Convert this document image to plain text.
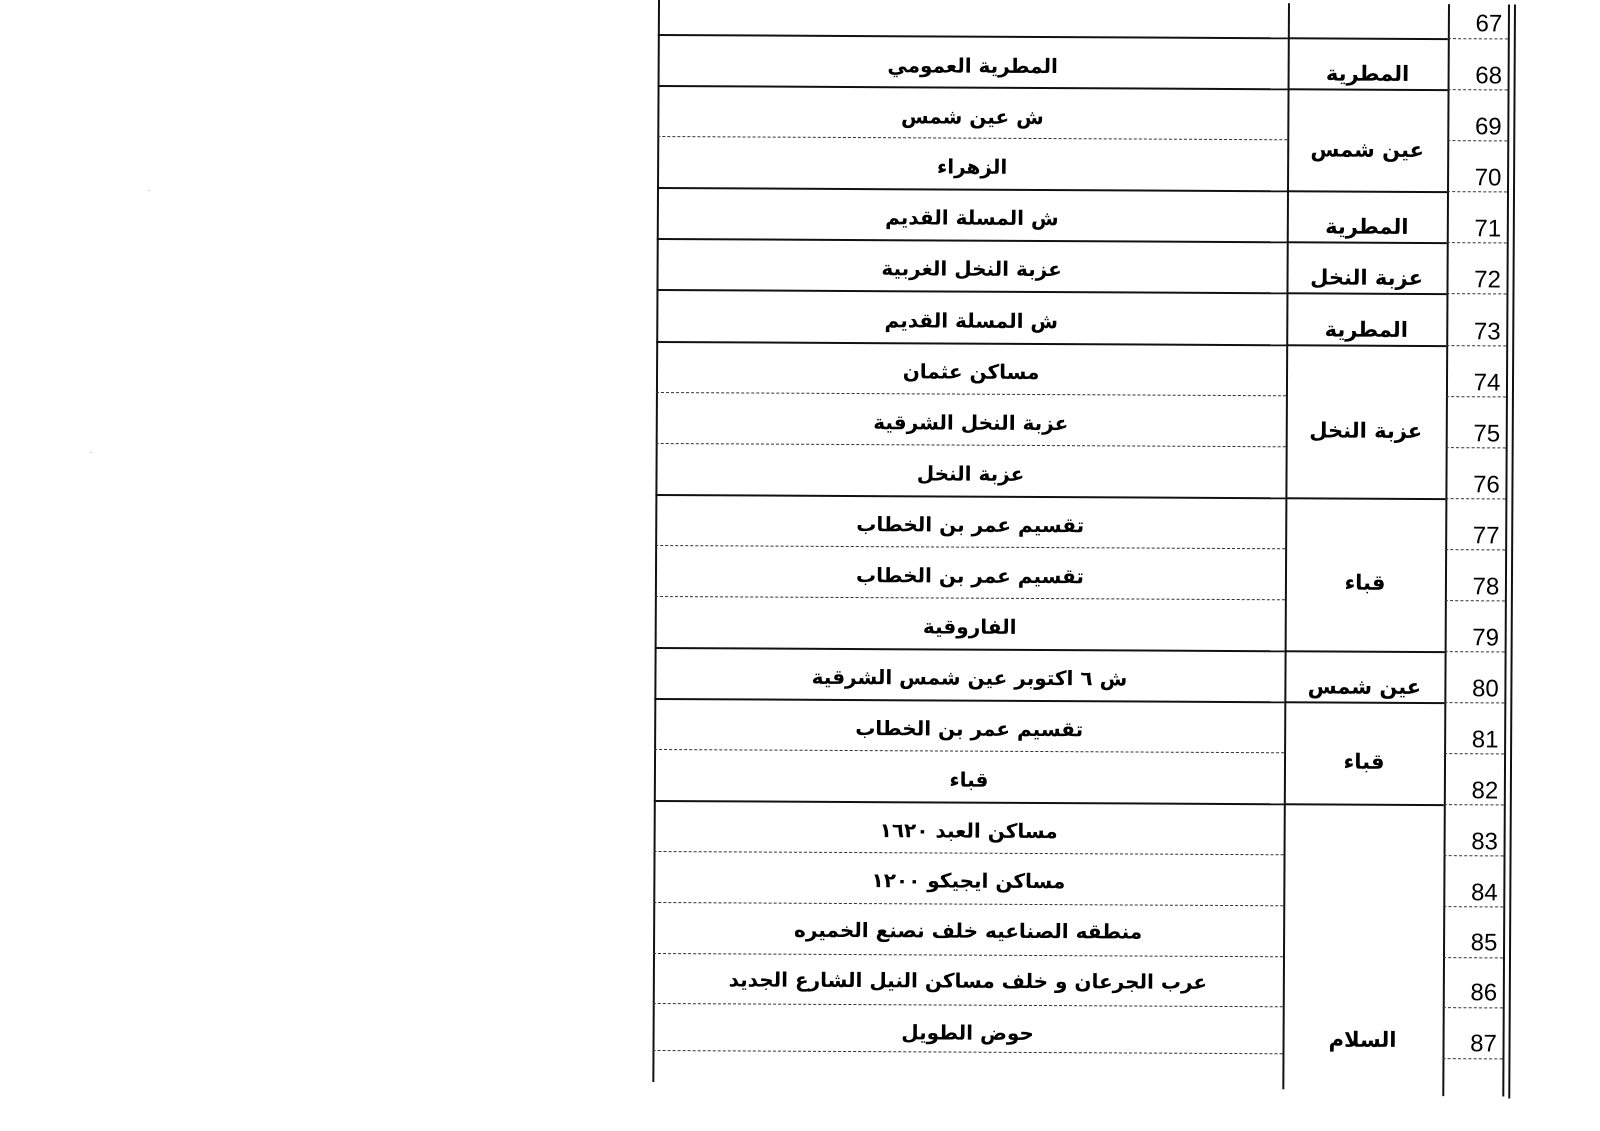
67
68
69
70
71
72
73
74
75
76
77
78
79
80
81
82
83
84
85
86
87
المطرية
عين شمس
المطرية
عزبة النخل
المطرية
عزبة النخل
قباء
عين شمس
قباء
السلام
المطرية العمومي
ش عين شمس
الزهراء
ش المسلة القديم
عزبة النخل الغربية
ش المسلة القديم
مساكن عثمان
عزبة النخل الشرقية
عزبة النخل
تقسيم عمر بن الخطاب
تقسيم عمر بن الخطاب
الفاروقية
ش ٦ اكتوبر عين شمس الشرقية
تقسيم عمر بن الخطاب
قباء
مساكن العبد ١٦٢٠
مساكن ايجيكو ١٢٠٠
منطقه الصناعيه خلف نصنع الخميره
عرب الجرعان و خلف مساكن النيل الشارع الجديد
حوض الطويل
